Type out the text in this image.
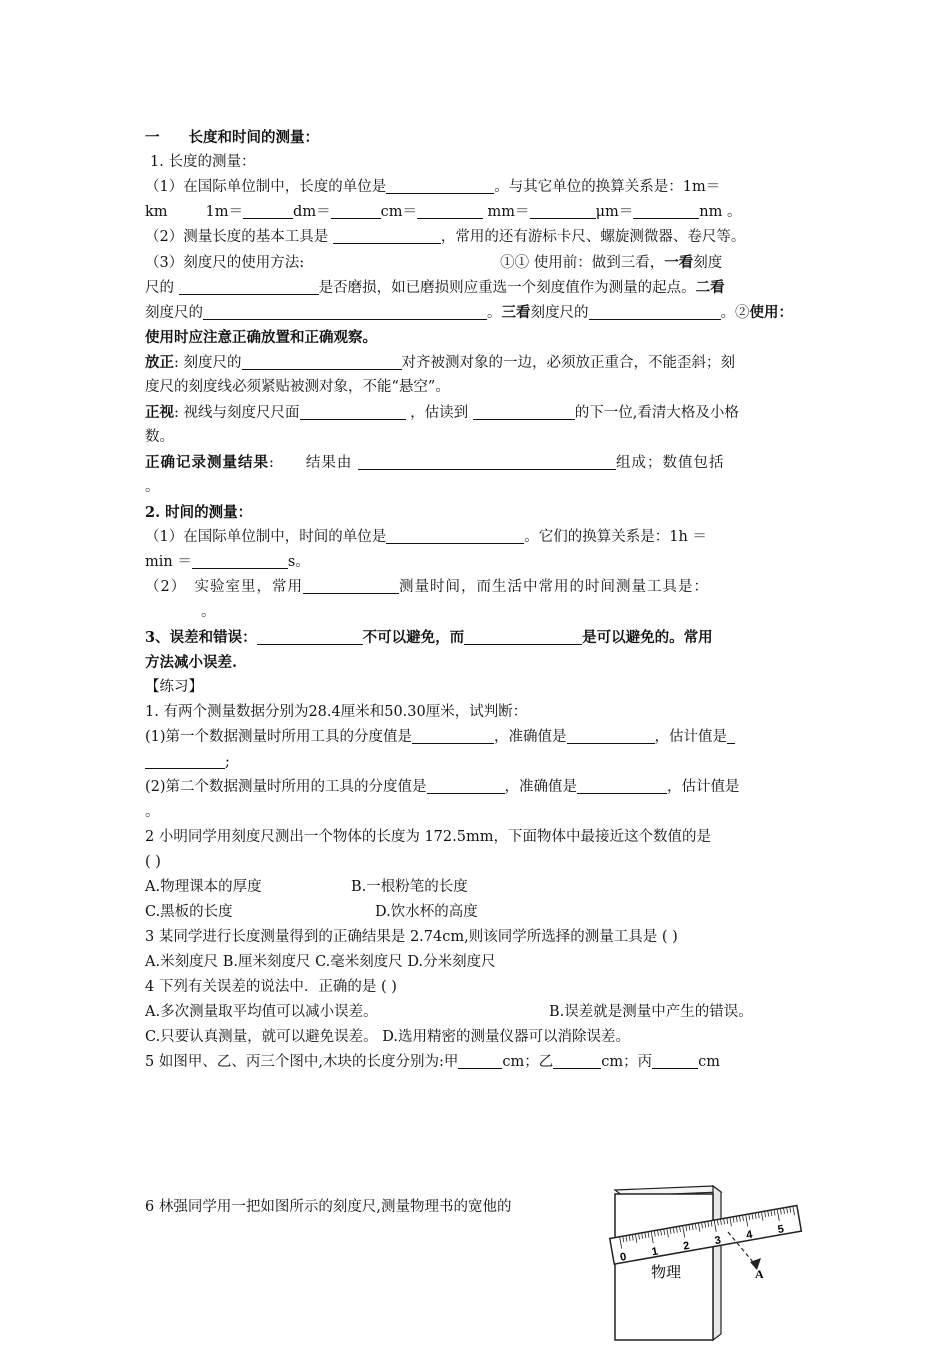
一　　长度和时间的测量：
1. 长度的测量：
（1）在国际单位制中，长度的单位是	。与其它单位的换算关系是：1m＝
km	1m＝	dm＝	cm＝	mm＝	μm＝	nm 。
（2）测量长度的基本工具是	，常用的还有游标卡尺、螺旋测微器、卷尺等。
（3）刻度尺的使用方法:	①① 使用前：做到三看，一看刻度
尺的	是否磨损，如已磨损则应重选一个刻度值作为测量的起点。二看
刻度尺的	。三看刻度尺的	。②使用：
使用时应注意正确放置和正确观察。
放正: 刻度尺的	对齐被测对象的一边，必须放正重合，不能歪斜；刻
度尺的刻度线必须紧贴被测对象，不能“悬空”。
正视: 视线与刻度尺尺面	，估读到	的下一位,看清大格及小格
数。
正确记录测量结果:　　结果由	组成；数值包括
。
2. 时间的测量：
（1）在国际单位制中，时间的单位是	。它们的换算关系是：1h ＝
min ＝	s。
（2）　实验室里，常用	测量时间，而生活中常用的时间测量工具是：
。
3、误差和错误：	不可以避免，而	是可以避免的。常用
方法减小误差.
【练习】
1. 有两个测量数据分别为28.4厘米和50.30厘米，试判断：
(1)第一个数据测量时所用工具的分度值是	，准确值是	，估计值是
;
(2)第二个数据测量时所用的工具的分度值是	，准确值是	，估计值是
。
2 小明同学用刻度尺测出一个物体的长度为 172.5mm，下面物体中最接近这个数值的是
( )
A.物理课本的厚度	B.一根粉笔的长度
C.黑板的长度	D.饮水杯的高度
3 某同学进行长度测量得到的正确结果是 2.74cm,则该同学所选择的测量工具是 ( )
A.米刻度尺 B.厘米刻度尺 C.毫米刻度尺 D.分米刻度尺
4 下列有关误差的说法中．正确的是 ( )
A.多次测量取平均值可以减小误差。	B.误差就是测量中产生的错误。
C.只要认真测量，就可以避免误差。 D.选用精密的测量仪器可以消除误差。
5 如图甲、乙、丙三个图中,木块的长度分别为:甲	cm；乙	cm；丙	cm
6 林强同学用一把如图所示的刻度尺,测量物理书的宽他的
0 1 2 3 4 5
A
物理
